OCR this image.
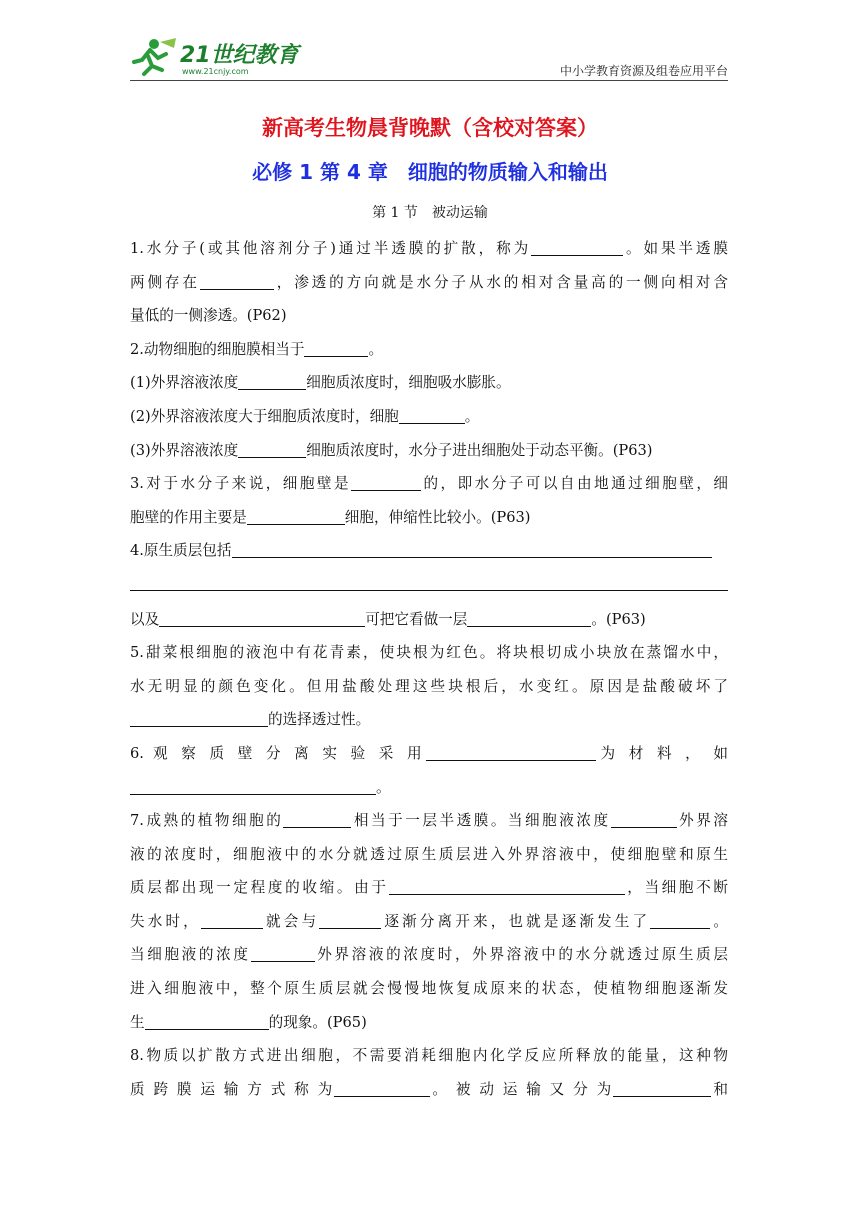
21世纪教育
www.21cnjy.com	中小学教育资源及组卷应用平台
新高考生物晨背晚默（含校对答案）
必修 1 第 4 章　细胞的物质输入和输出
第 1 节　被动运输
1.水分子(或其他溶剂分子)通过半透膜的扩散，称为	。如果半透膜
两侧存在	，渗透的方向就是水分子从水的相对含量高的一侧向相对含
量低的一侧渗透。(P62)
2.动物细胞的细胞膜相当于	。
(1)外界溶液浓度	细胞质浓度时，细胞吸水膨胀。
(2)外界溶液浓度大于细胞质浓度时，细胞	。
(3)外界溶液浓度	细胞质浓度时，水分子进出细胞处于动态平衡。(P63)
3.对于水分子来说，细胞壁是	的，即水分子可以自由地通过细胞壁，细
胞壁的作用主要是	细胞，伸缩性比较小。(P63)
4.原生质层包括
以及	可把它看做一层	。(P63)
5.甜菜根细胞的液泡中有花青素，使块根为红色。将块根切成小块放在蒸馏水中，
水无明显的颜色变化。但用盐酸处理这些块根后，水变红。原因是盐酸破坏了
的选择透过性。
6. 观 察 质 壁 分 离 实 验 采 用	为 材 料 ， 如
。
7.成熟的植物细胞的	相当于一层半透膜。当细胞液浓度	外界溶
液的浓度时，细胞液中的水分就透过原生质层进入外界溶液中，使细胞壁和原生
质层都出现一定程度的收缩。由于	，当细胞不断
失水时，	就会与	逐渐分离开来，也就是逐渐发生了	。
当细胞液的浓度	外界溶液的浓度时，外界溶液中的水分就透过原生质层
进入细胞液中，整个原生质层就会慢慢地恢复成原来的状态，使植物细胞逐渐发
生	的现象。(P65)
8.物质以扩散方式进出细胞，不需要消耗细胞内化学反应所释放的能量，这种物
质 跨 膜 运 输 方 式 称 为	。 被 动 运 输 又 分 为	和
